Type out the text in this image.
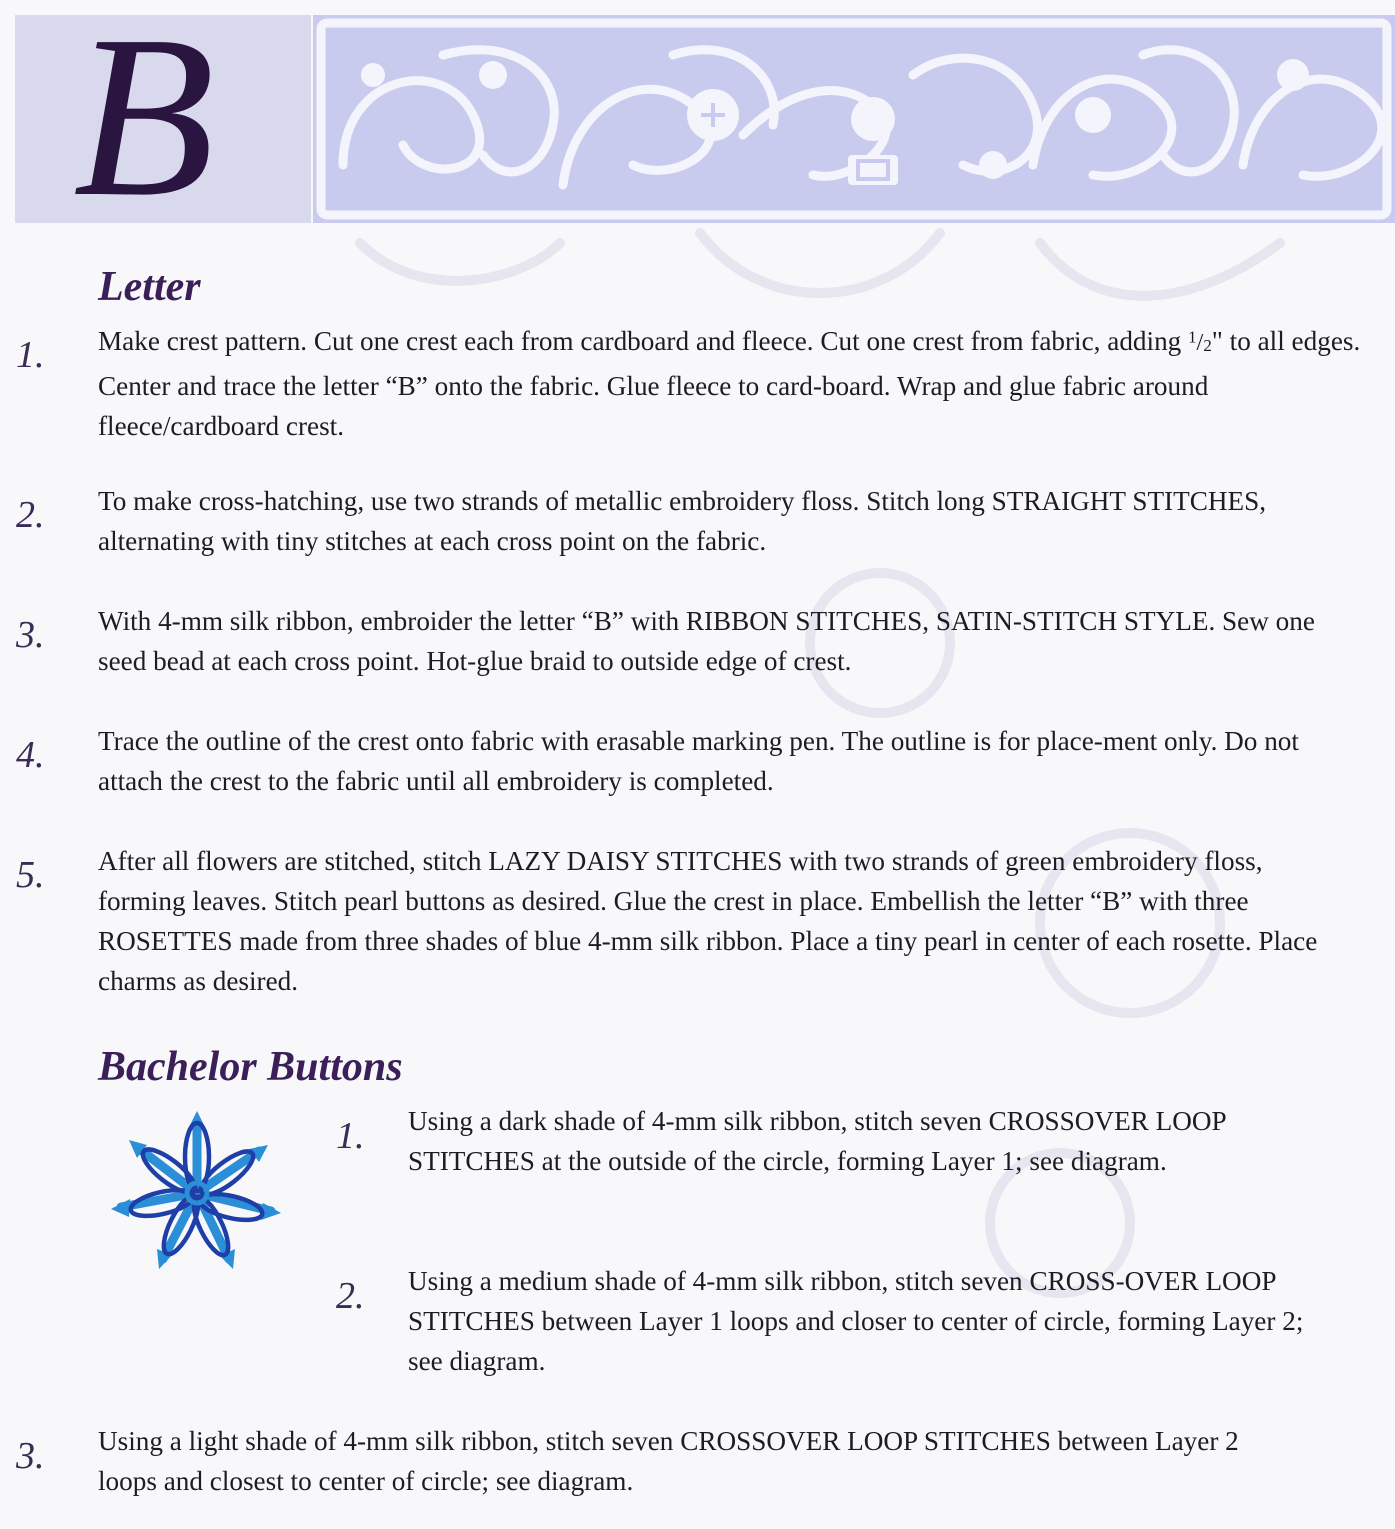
B
Letter
1. Make crest pattern. Cut one crest each from cardboard and fleece. Cut one crest from fabric, adding $^1$/2" to all edges. Center and trace the letter “B” onto the fabric. Glue fleece to card-board. Wrap and glue fabric around fleece/cardboard crest.

2. To make cross-hatching, use two strands of metallic embroidery floss. Stitch long STRAIGHT STITCHES, alternating with tiny stitches at each cross point on the fabric.

3. With 4-mm silk ribbon, embroider the letter “B” with RIBBON STITCHES, SATIN-STITCH STYLE. Sew one seed bead at each cross point. Hot-glue braid to outside edge of crest.

4. Trace the outline of the crest onto fabric with erasable marking pen. The outline is for place-ment only. Do not attach the crest to the fabric until all embroidery is completed.

5. After all flowers are stitched, stitch LAZY DAISY STITCHES with two strands of green embroidery floss, forming leaves. Stitch pearl buttons as desired. Glue the crest in place. Embellish the letter “B” with three ROSETTES made from three shades of blue 4-mm silk ribbon. Place a tiny pearl in center of each rosette. Place charms as desired.

Bachelor Buttons
1. Using a dark shade of 4-mm silk ribbon, stitch seven CROSSOVER LOOP STITCHES at the outside of the circle, forming Layer 1; see diagram.

2. Using a medium shade of 4-mm silk ribbon, stitch seven CROSS-OVER LOOP STITCHES between Layer 1 loops and closer to center of circle, forming Layer 2; see diagram.

3. Using a light shade of 4-mm silk ribbon, stitch seven CROSSOVER LOOP STITCHES between Layer 2 loops and closest to center of circle; see diagram.
